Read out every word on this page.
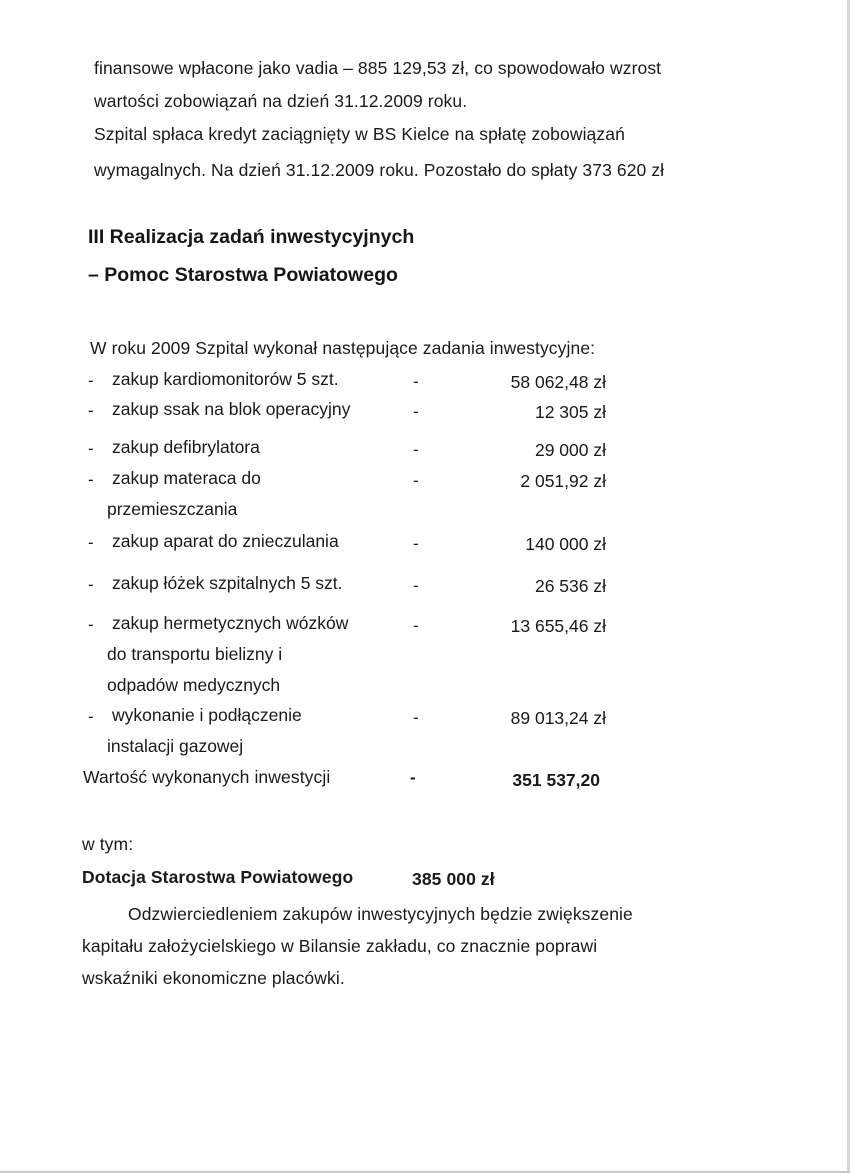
finansowe wpłacone jako vadia – 885 129,53 zł, co spowodowało wzrost
wartości zobowiązań na dzień 31.12.2009 roku.
Szpital spłaca kredyt zaciągnięty w BS Kielce na spłatę zobowiązań
wymagalnych. Na dzień 31.12.2009 roku. Pozostało do spłaty 373 620 zł
III Realizacja zadań inwestycyjnych
– Pomoc Starostwa Powiatowego
W roku 2009 Szpital wykonał następujące zadania inwestycyjne:
- zakup kardiomonitorów 5 szt.	-	58 062,48 zł
- zakup ssak na blok operacyjny	-	12 305 zł
- zakup defibrylatora	-	29 000 zł
- zakup materaca do
przemieszczania
-	2 051,92 zł
- zakup aparat do znieczulania	-	140 000 zł
- zakup łóżek szpitalnych 5 szt.	-	26 536 zł
- zakup hermetycznych wózków
do transportu bielizny i
odpadów medycznych
-	13 655,46 zł
- wykonanie i podłączenie
instalacji gazowej
-	89 013,24 zł
Wartość wykonanych inwestycji	-	351 537,20
w tym:
Dotacja Starostwa Powiatowego	385 000 zł
Odzwierciedleniem zakupów inwestycyjnych będzie zwiększenie
kapitału założycielskiego w Bilansie zakładu, co znacznie poprawi
wskaźniki ekonomiczne placówki.
